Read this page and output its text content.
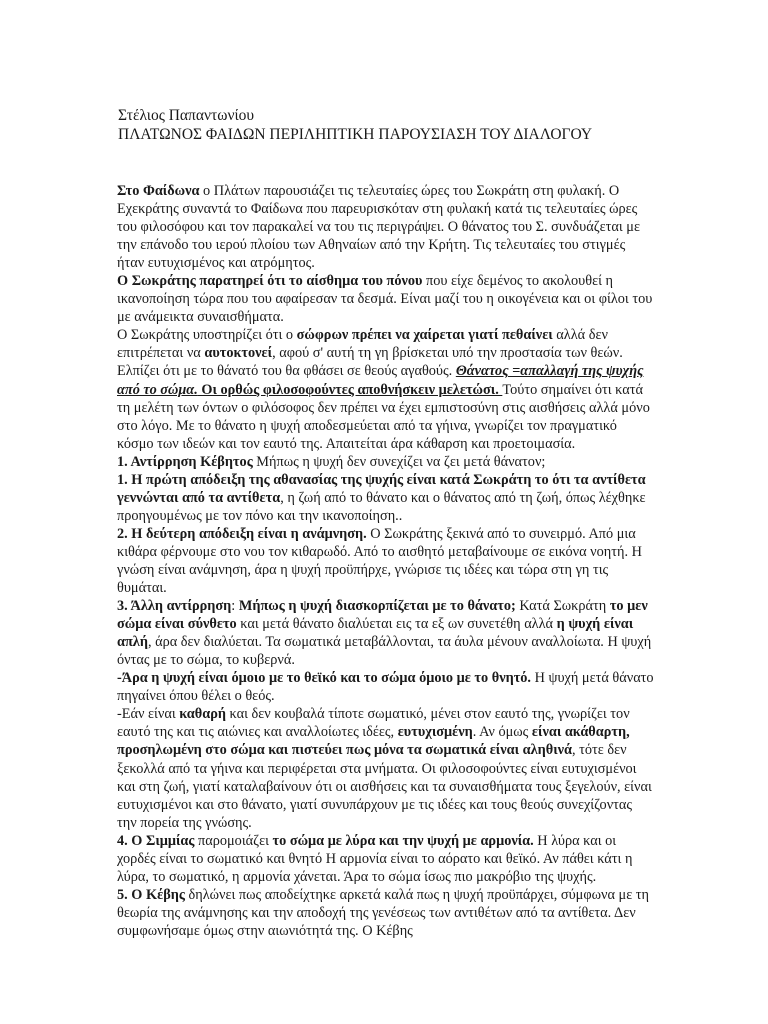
Στέλιος Παπαντωνίου
ΠΛΑΤΩΝΟΣ ΦΑΙΔΩΝ ΠΕΡΙΛΗΠΤΙΚΗ ΠΑΡΟΥΣΙΑΣΗ ΤΟΥ ΔΙΑΛΟΓΟΥ

Στο Φαίδωνα ο Πλάτων παρουσιάζει τις τελευταίες ώρες του Σωκράτη στη φυλακή. Ο Εχεκράτης συναντά το Φαίδωνα που παρευρισκόταν στη φυλακή κατά τις τελευταίες ώρες του φιλοσόφου και τον παρακαλεί να του τις περιγράψει. Ο θάνατος του Σ. συνδυάζεται με την επάνοδο του ιερού πλοίου των Αθηναίων από την Κρήτη. Τις τελευταίες του στιγμές ήταν ευτυχισμένος και ατρόμητος.

Ο Σωκράτης παρατηρεί ότι το αίσθημα του πόνου που είχε δεμένος το ακολουθεί η ικανοποίηση τώρα που του αφαίρεσαν τα δεσμά. Είναι μαζί του η οικογένεια και οι φίλοι του με ανάμεικτα συναισθήματα.

Ο Σωκράτης υποστηρίζει ότι ο σώφρων πρέπει να χαίρεται γιατί πεθαίνει αλλά δεν επιτρέπεται να αυτοκτονεί, αφού σ' αυτή τη γη βρίσκεται υπό την προστασία των θεών. Ελπίζει ότι με το θάνατό του θα φθάσει σε θεούς αγαθούς. Θάνατος =απαλλαγή της ψυχής από το σώμα. Οι ορθώς φιλοσοφούντες αποθνήσκειν μελετώσι. Τούτο σημαίνει ότι κατά τη μελέτη των όντων ο φιλόσοφος δεν πρέπει να έχει εμπιστοσύνη στις αισθήσεις αλλά μόνο στο λόγο. Με το θάνατο η ψυχή αποδεσμεύεται από τα γήινα, γνωρίζει τον πραγματικό κόσμο των ιδεών και τον εαυτό της. Απαιτείται άρα κάθαρση και προετοιμασία.

1. Αντίρρηση Κέβητος Μήπως η ψυχή δεν συνεχίζει να ζει μετά θάνατον;

1. Η πρώτη απόδειξη της αθανασίας της ψυχής είναι κατά Σωκράτη το ότι τα αντίθετα γεννώνται από τα αντίθετα, η ζωή από το θάνατο και ο θάνατος από τη ζωή, όπως λέχθηκε προηγουμένως με τον πόνο και την ικανοποίηση..

2. Η δεύτερη απόδειξη είναι η ανάμνηση. Ο Σωκράτης ξεκινά από το συνειρμό. Από μια κιθάρα φέρνουμε στο νου τον κιθαρωδό. Από το αισθητό μεταβαίνουμε σε εικόνα νοητή. Η γνώση είναι ανάμνηση, άρα η ψυχή προϋπήρχε, γνώρισε τις ιδέες και τώρα στη γη τις θυμάται.

3. Άλλη αντίρρηση: Μήπως η ψυχή διασκορπίζεται με το θάνατο; Κατά Σωκράτη το μεν σώμα είναι σύνθετο και μετά θάνατο διαλύεται εις τα εξ ων συνετέθη αλλά η ψυχή είναι απλή, άρα δεν διαλύεται. Τα σωματικά μεταβάλλονται, τα άυλα μένουν αναλλοίωτα. Η ψυχή όντας με το σώμα, το κυβερνά.

-Άρα η ψυχή είναι όμοιο με το θεϊκό και το σώμα όμοιο με το θνητό. Η ψυχή μετά θάνατο πηγαίνει όπου θέλει ο θεός.

-Εάν είναι καθαρή και δεν κουβαλά τίποτε σωματικό, μένει στον εαυτό της, γνωρίζει τον εαυτό της και τις αιώνιες και αναλλοίωτες ιδέες, ευτυχισμένη. Αν όμως είναι ακάθαρτη, προσηλωμένη στο σώμα και πιστεύει πως μόνα τα σωματικά είναι αληθινά, τότε δεν ξεκολλά από τα γήινα και περιφέρεται στα μνήματα. Οι φιλοσοφούντες είναι ευτυχισμένοι και στη ζωή, γιατί καταλαβαίνουν ότι οι αισθήσεις και τα συναισθήματα τους ξεγελούν, είναι ευτυχισμένοι και στο θάνατο, γιατί συνυπάρχουν με τις ιδέες και τους θεούς συνεχίζοντας την πορεία της γνώσης.

4. Ο Σιμμίας παρομοιάζει το σώμα με λύρα και την ψυχή με αρμονία. Η λύρα και οι χορδές είναι το σωματικό και θνητό Η αρμονία είναι το αόρατο και θεϊκό. Αν πάθει κάτι η λύρα, το σωματικό, η αρμονία χάνεται. Άρα το σώμα ίσως πιο μακρόβιο της ψυχής.

5. Ο Κέβης δηλώνει πως αποδείχτηκε αρκετά καλά πως η ψυχή προϋπάρχει, σύμφωνα με τη θεωρία της ανάμνησης και την αποδοχή της γενέσεως των αντιθέτων από τα αντίθετα. Δεν συμφωνήσαμε όμως στην αιωνιότητά της. Ο Κέβης
